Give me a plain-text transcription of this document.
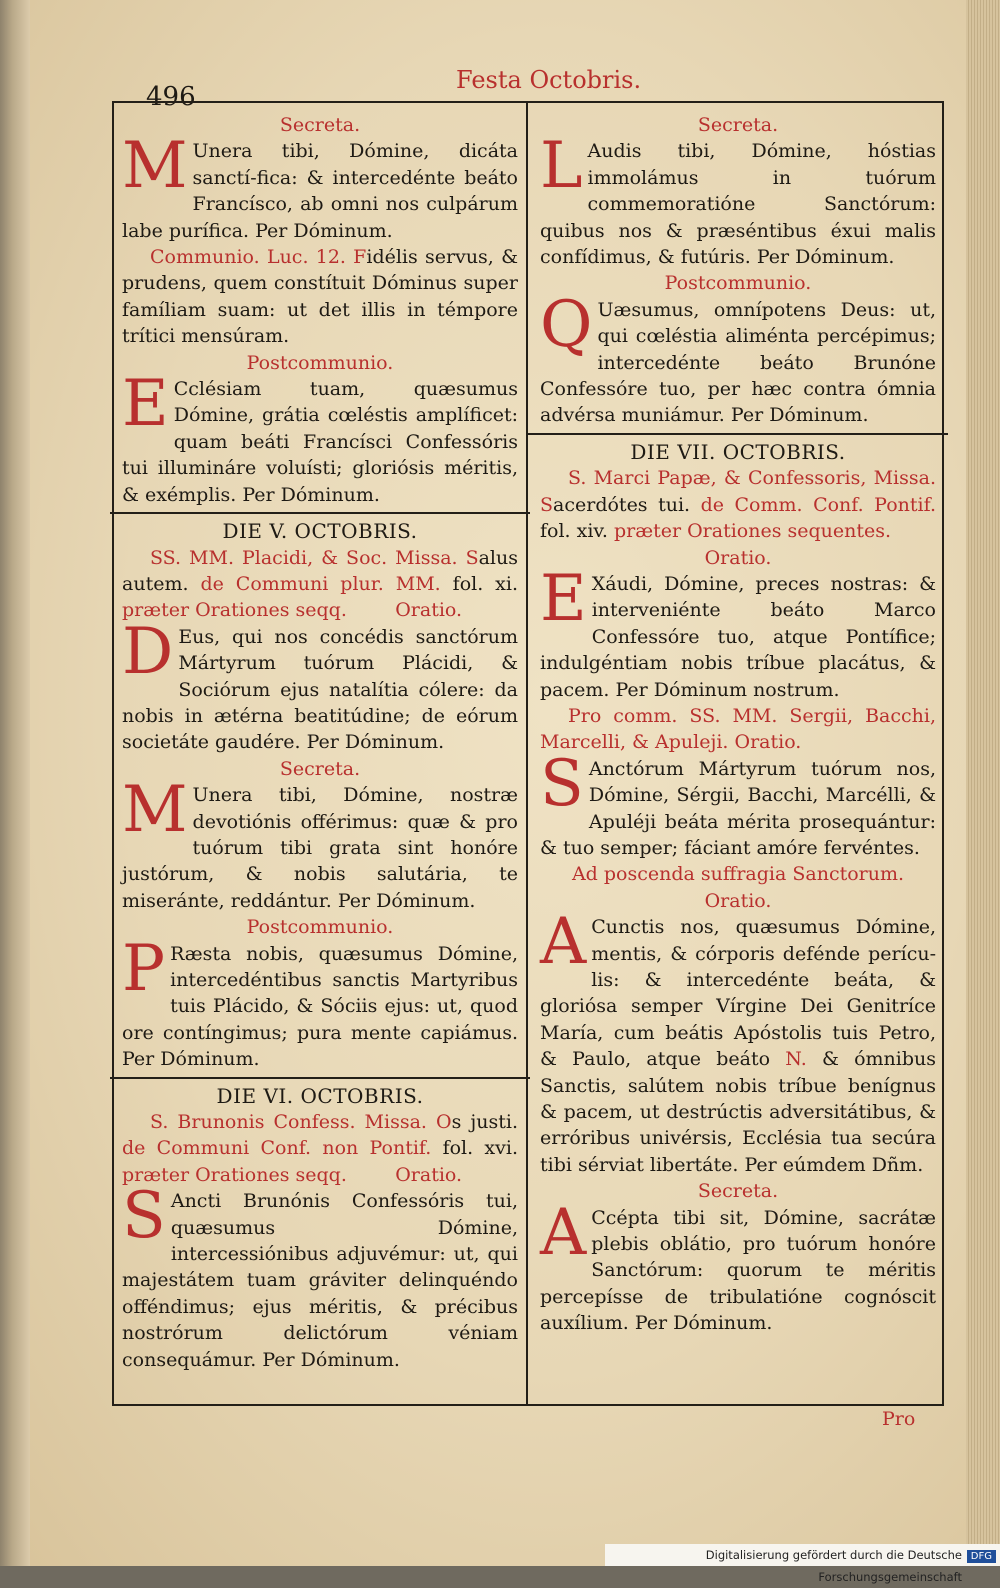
496
Festa Octobris.
Secreta.

M Unera tibi, Dómine, dicáta sanctí-fica: & intercedénte beáto Francísco, ab omni nos culpárum labe purífica. Per Dóminum.

Communio. Luc. 12. Fidélis servus, & prudens, quem constítuit Dóminus super famíliam suam: ut det illis in témpore trítici mensúram.

Postcommunio.

E Cclésiam tuam, quæsumus Dómine, grátia cœléstis amplíficet: quam beáti Francísci Confessóris tui illumináre voluísti; gloriósis méritis, & exémplis. Per Dóminum.

DIE V. OCTOBRIS.

SS. MM. Placidi, & Soc. Missa. Salus autem. de Communi plur. MM. fol. xi. præter Orationes seqq.	Oratio.

D Eus, qui nos concédis sanctórum Mártyrum tuórum Plácidi, & Sociórum ejus natalítia cólere: da nobis in ætérna beatitúdine; de eórum societáte gaudére. Per Dóminum.

Secreta.

M Unera tibi, Dómine, nostræ devotiónis offérimus: quæ & pro tuórum tibi grata sint honóre justórum, & nobis salutária, te miseránte, reddántur. Per Dóminum.

Postcommunio.

P Ræsta nobis, quæsumus Dómine, intercedéntibus sanctis Martyribus tuis Plácido, & Sóciis ejus: ut, quod ore contíngimus; pura mente capiámus. Per Dóminum.

DIE VI. OCTOBRIS.

S. Brunonis Confess. Missa. Os justi. de Communi Conf. non Pontif. fol. xvi. præter Orationes seqq.	Oratio.

S Ancti Brunónis Confessóris tui, quæsumus Dómine, intercessiónibus adjuvémur: ut, qui majestátem tuam gráviter delinquéndo offéndimus; ejus méritis, & précibus nostrórum delictórum véniam consequámur. Per Dóminum.

Secreta.

L Audis tibi, Dómine, hóstias immolámus in tuórum commemoratióne Sanctórum: quibus nos & præséntibus éxui malis confídimus, & futúris. Per Dóminum.

Postcommunio.

Q Uæsumus, omnípotens Deus: ut, qui cœléstia aliménta percépimus; intercedénte beáto Brunóne Confessóre tuo, per hæc contra ómnia advérsa muniámur. Per Dóminum.

DIE VII. OCTOBRIS.

S. Marci Papæ, & Confessoris, Missa. Sacerdótes tui. de Comm. Conf. Pontif. fol. xiv. præter Orationes sequentes.

Oratio.

E Xáudi, Dómine, preces nostras: & interveniénte beáto Marco Confessóre tuo, atque Pontífice; indulgéntiam nobis tríbue placátus, & pacem. Per Dóminum nostrum.

Pro comm. SS. MM. Sergii, Bacchi, Marcelli, & Apuleji. Oratio.

S Anctórum Mártyrum tuórum nos, Dómine, Sérgii, Bacchi, Marcélli, & Apuléji beáta mérita prosequántur: & tuo semper; fáciant amóre fervéntes.

Ad poscenda suffragia Sanctorum.
Oratio.

A Cunctis nos, quæsumus Dómine, mentis, & córporis defénde perícu-lis: & intercedénte beáta, & gloriósa semper Vírgine Dei Genitríce María, cum beátis Apóstolis tuis Petro, & Paulo, atque beáto N. & ómnibus Sanctis, salútem nobis tríbue benígnus & pacem, ut destrúctis adversitátibus, & erróribus univérsis, Ecclésia tua secúra tibi sérviat libertáte. Per eúmdem Dñm.

Secreta.

A Ccépta tibi sit, Dómine, sacrátæ plebis oblátio, pro tuórum honóre Sanctórum: quorum te méritis percepísse de tribulatióne cognóscit auxílium. Per Dóminum.

Pro
Digitalisierung gefördert durch die Deutsche Forschungsgemeinschaft
DFG
